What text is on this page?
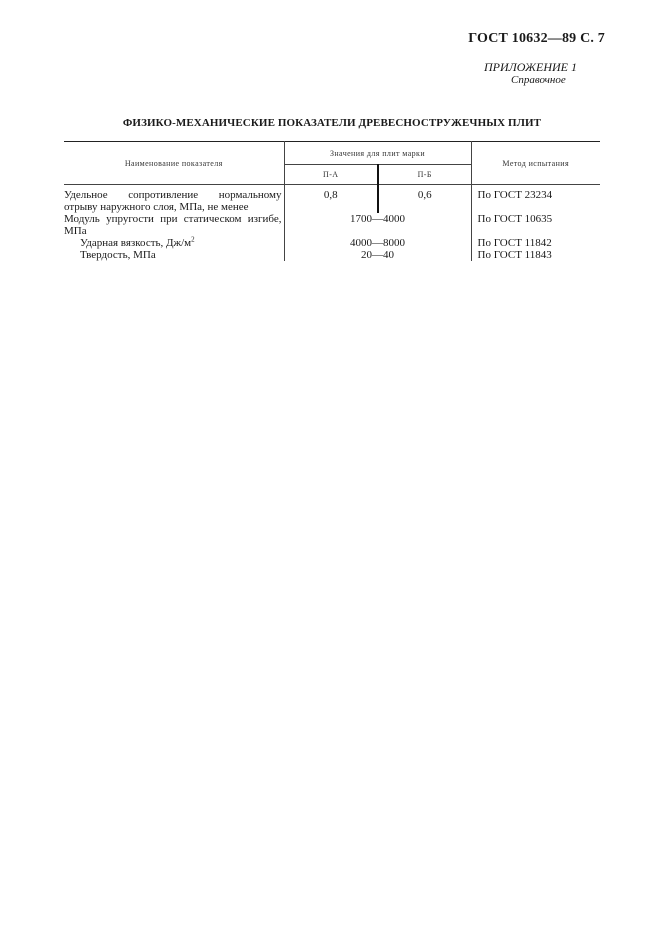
ГОСТ 10632—89 С. 7
ПРИЛОЖЕНИЕ 1
Справочное
ФИЗИКО-МЕХАНИЧЕСКИЕ ПОКАЗАТЕЛИ ДРЕВЕСНОСТРУЖЕЧНЫХ ПЛИТ
Наименование показателя	Значения для плит марки		Метод испытания
	П-А	П-Б	
Удельное сопротивление нормальному отрыву наружного слоя, МПа, не менее	0,8	0,6	По ГОСТ 23234
Модуль упругости при статическом изгибе, МПа	1700—4000		По ГОСТ 10635
Ударная вязкость, $Дж/м^2$	4000—8000		По ГОСТ 11842
Твердость, МПа	20—40		По ГОСТ 11843
